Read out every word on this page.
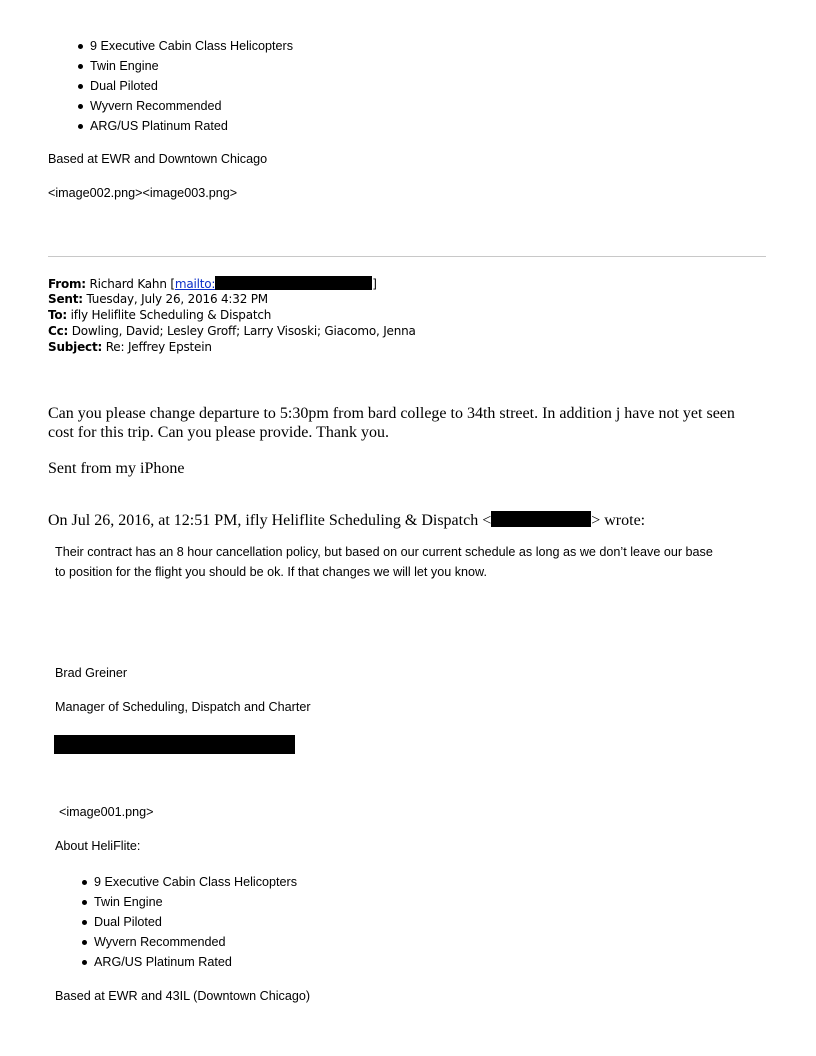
9 Executive Cabin Class Helicopters
Twin Engine
Dual Piloted
Wyvern Recommended
ARG/US Platinum Rated
Based at EWR and Downtown Chicago
<image002.png><image003.png>
From: Richard Kahn [mailto:	]
Sent: Tuesday, July 26, 2016 4:32 PM
To: ifly Heliflite Scheduling & Dispatch
Cc: Dowling, David; Lesley Groff; Larry Visoski; Giacomo, Jenna
Subject: Re: Jeffrey Epstein
Can you please change departure to 5:30pm from bard college to 34th street. In addition j have not yet seen
cost for this trip. Can you please provide. Thank you.
Sent from my iPhone
On Jul 26, 2016, at 12:51 PM, ifly Heliflite Scheduling & Dispatch <	> wrote:
Their contract has an 8 hour cancellation policy, but based on our current schedule as long as we don’t leave our base
to position for the flight you should be ok. If that changes we will let you know.
Brad Greiner
Manager of Scheduling, Dispatch and Charter
<image001.png>
About HeliFlite:
9 Executive Cabin Class Helicopters
Twin Engine
Dual Piloted
Wyvern Recommended
ARG/US Platinum Rated
Based at EWR and 43IL (Downtown Chicago)
